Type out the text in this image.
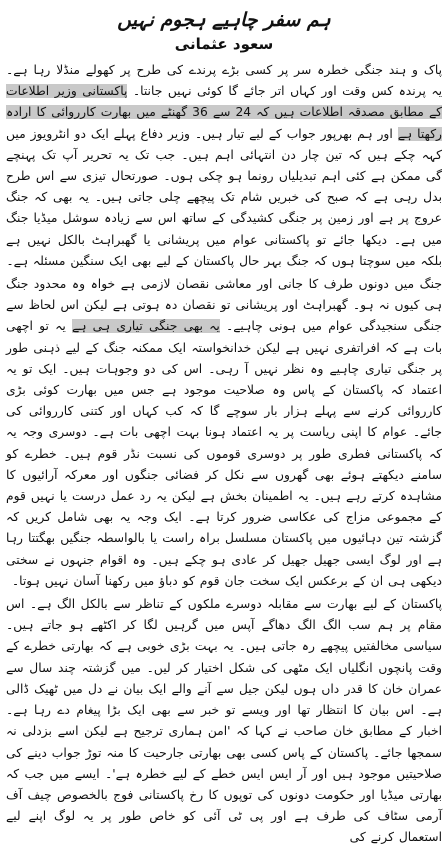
ہم سفر چاہیے ہجوم نہیں
سعود عثمانی

پاک و ہند جنگی خطرہ سر پر کسی بڑے پرندے کی طرح پر کھولے منڈلا رہا ہے۔ یہ پرندہ کس وقت اور کہاں اتر جائے گا کوئی نہیں جانتا۔ پاکستانی وزیر اطلاعات کے مطابق مصدقہ اطلاعات ہیں کہ 24 سے 36 گھنٹے میں بھارت کارروائی کا ارادہ رکھتا ہے اور ہم بھرپور جواب کے لیے تیار ہیں۔ وزیر دفاع پہلے ایک دو انٹرویوز میں کہہ چکے ہیں کہ تین چار دن انتہائی اہم ہیں۔ جب تک یہ تحریر آپ تک پہنچے گی ممکن ہے کئی اہم تبدیلیاں رونما ہو چکی ہوں۔ صورتحال تیزی سے اس طرح بدل رہی ہے کہ صبح کی خبریں شام تک پیچھے چلی جاتی ہیں۔ یہ بھی کہ جنگ عروج پر ہے اور زمین پر جنگی کشیدگی کے ساتھ اس سے زیادہ سوشل میڈیا جنگ میں ہے۔ دیکھا جائے تو پاکستانی عوام میں پریشانی یا گھبراہٹ بالکل نہیں ہے بلکہ میں سوچتا ہوں کہ جنگ بہر حال پاکستان کے لیے بھی ایک سنگین مسئلہ ہے۔

جنگ میں دونوں طرف کا جانی اور معاشی نقصان لازمی ہے خواہ وہ محدود جنگ ہی کیوں نہ ہو۔ گھبراہٹ اور پریشانی تو نقصان دہ ہوتی ہے لیکن اس لحاظ سے جنگی سنجیدگی عوام میں ہونی چاہیے۔ یہ بھی جنگی تیاری ہی ہے یہ تو اچھی بات ہے کہ افراتفری نہیں ہے لیکن خدانخواستہ ایک ممکنہ جنگ کے لیے ذہنی طور پر جنگی تیاری چاہیے وہ نظر نہیں آ رہی۔ اس کی دو وجوہات ہیں۔ ایک تو یہ اعتماد کہ پاکستان کے پاس وہ صلاحیت موجود ہے جس میں بھارت کوئی بڑی کارروائی کرنے سے پہلے ہزار بار سوچے گا کہ کب کہاں اور کتنی کارروائی کی جائے۔ عوام کا اپنی ریاست پر یہ اعتماد ہونا بہت اچھی بات ہے۔ دوسری وجہ یہ کہ پاکستانی فطری طور پر دوسری قوموں کی نسبت نڈر قوم ہیں۔ خطرے کو سامنے دیکھتے ہوئے بھی گھروں سے نکل کر فضائی جنگوں اور معرکہ آرائیوں کا مشاہدہ کرتے رہے ہیں۔ یہ اطمینان بخش ہے لیکن یہ رد عمل درست یا نہیں قوم کے مجموعی مزاج کی عکاسی ضرور کرتا ہے۔ ایک وجہ یہ بھی شامل کریں کہ گزشتہ تین دہائیوں میں پاکستان مسلسل براہ راست یا بالواسطہ جنگیں بھگتتا رہا ہے اور لوگ ایسی جھیل جھیل کر عادی ہو چکے ہیں۔ وہ اقوام جنہوں نے سختی دیکھی ہی ان کے برعکس ایک سخت جان قوم کو دباؤ میں رکھنا آسان نہیں ہوتا۔

پاکستان کے لیے بھارت سے مقابلہ دوسرے ملکوں کے تناظر سے بالکل الگ ہے۔ اس مقام پر ہم سب الگ الگ دھاگے آپس میں گرہیں لگا کر اکٹھے ہو جاتے ہیں۔ سیاسی مخالفتیں پیچھے رہ جاتی ہیں۔ یہ بہت بڑی خوبی ہے کہ بھارتی خطرے کے وقت پانچوں انگلیاں ایک مٹھی کی شکل اختیار کر لیں۔ میں گزشتہ چند سال سے عمران خان کا قدر داں ہوں لیکن جیل سے آنے والے ایک بیان نے دل میں ٹھیک ڈالی ہے۔ اس بیان کا انتظار تھا اور ویسے تو خبر سے بھی ایک بڑا پیغام دے رہا ہے۔ اخبار کے مطابق خان صاحب نے کہا کہ 'امن ہماری ترجیح ہے لیکن اسے بزدلی نہ سمجھا جائے۔ پاکستان کے پاس کسی بھی بھارتی جارحیت کا منہ توڑ جواب دینے کی صلاحیتیں موجود ہیں اور آر ایس ایس خطے کے لیے خطرہ ہے'۔ ایسے میں جب کہ بھارتی میڈیا اور حکومت دونوں کی توپوں کا رخ پاکستانی فوج بالخصوص چیف آف آرمی سٹاف کی طرف ہے اور پی ٹی آئی کو خاص طور پر یہ لوگ اپنے لیے استعمال کرنے کی
